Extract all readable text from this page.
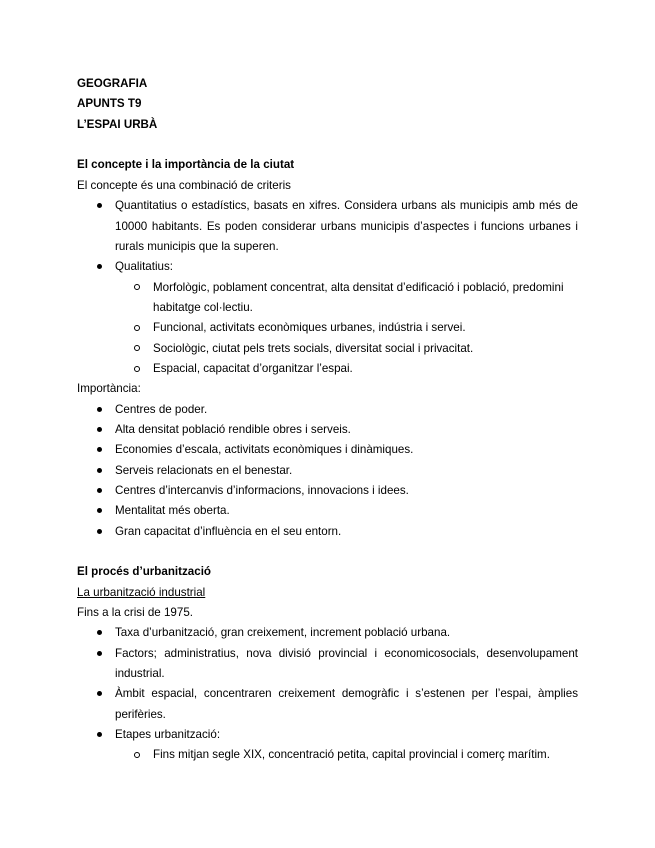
GEOGRAFIA
APUNTS T9
L’ESPAI URBÀ
El concepte i la importància de la ciutat
El concepte és una combinació de criteris
Quantitatius o estadístics, basats en xifres. Considera urbans als municipis amb més de
10000 habitants. Es poden considerar urbans municipis d’aspectes i funcions urbanes i
rurals municipis que la superen.
Qualitatius:
Morfològic, poblament concentrat, alta densitat d’edificació i població, predomini
habitatge col·lectiu.
Funcional, activitats econòmiques urbanes, indústria i servei.
Sociològic, ciutat pels trets socials, diversitat social i privacitat.
Espacial, capacitat d’organitzar l’espai.
Importància:
Centres de poder.
Alta densitat població rendible obres i serveis.
Economies d’escala, activitats econòmiques i dinàmiques.
Serveis relacionats en el benestar.
Centres d’intercanvis d’informacions, innovacions i idees.
Mentalitat més oberta.
Gran capacitat d’influència en el seu entorn.
El procés d’urbanització
La urbanització industrial
Fins a la crisi de 1975.
Taxa d’urbanització, gran creixement, increment població urbana.
Factors; administratius, nova divisió provincial i economicosocials, desenvolupament
industrial.
Àmbit espacial, concentraren creixement demogràfic i s’estenen per l’espai, àmplies
perifèries.
Etapes urbanització:
Fins mitjan segle XIX, concentració petita, capital provincial i comerç marítim.
